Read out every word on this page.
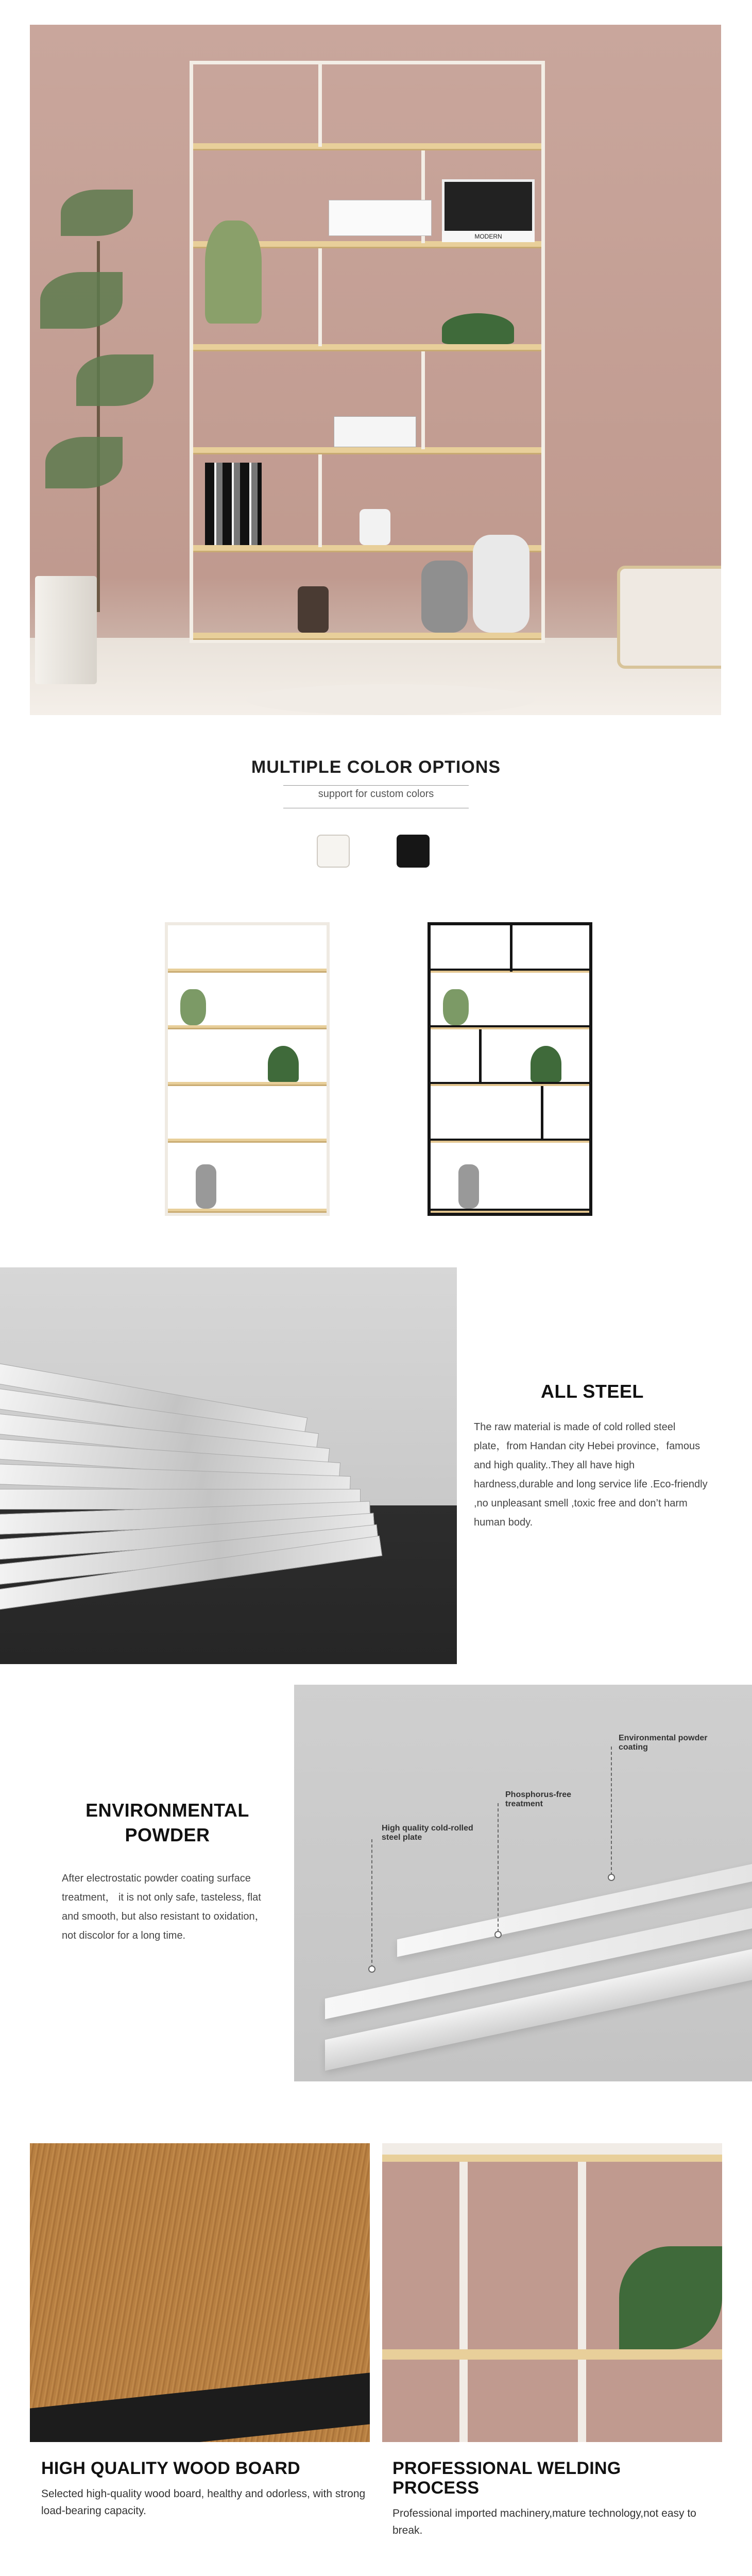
MODERN
MULTIPLE COLOR OPTIONS
support for custom colors
ALL STEEL
The raw material is made of cold rolled steel plate，from Handan city Hebei province，famous and high quality..They all have high hardness,durable and long service life .Eco-friendly ,no unpleasant smell ,toxic free and don’t harm human body.
ENVIRONMENTAL POWDER
After electrostatic powder coating surface treatment， it is not only safe, tasteless, flat and smooth, but also resistant to oxidation，not discolor for a long time.
High quality cold-rolled steel plate
Phosphorus-free treatment
Environmental powder coating
HIGH QUALITY WOOD BOARD
Selected high-quality wood board, healthy and odorless, with strong load-bearing capacity.
PROFESSIONAL WELDING PROCESS
Professional imported machinery,mature technology,not easy to break.
